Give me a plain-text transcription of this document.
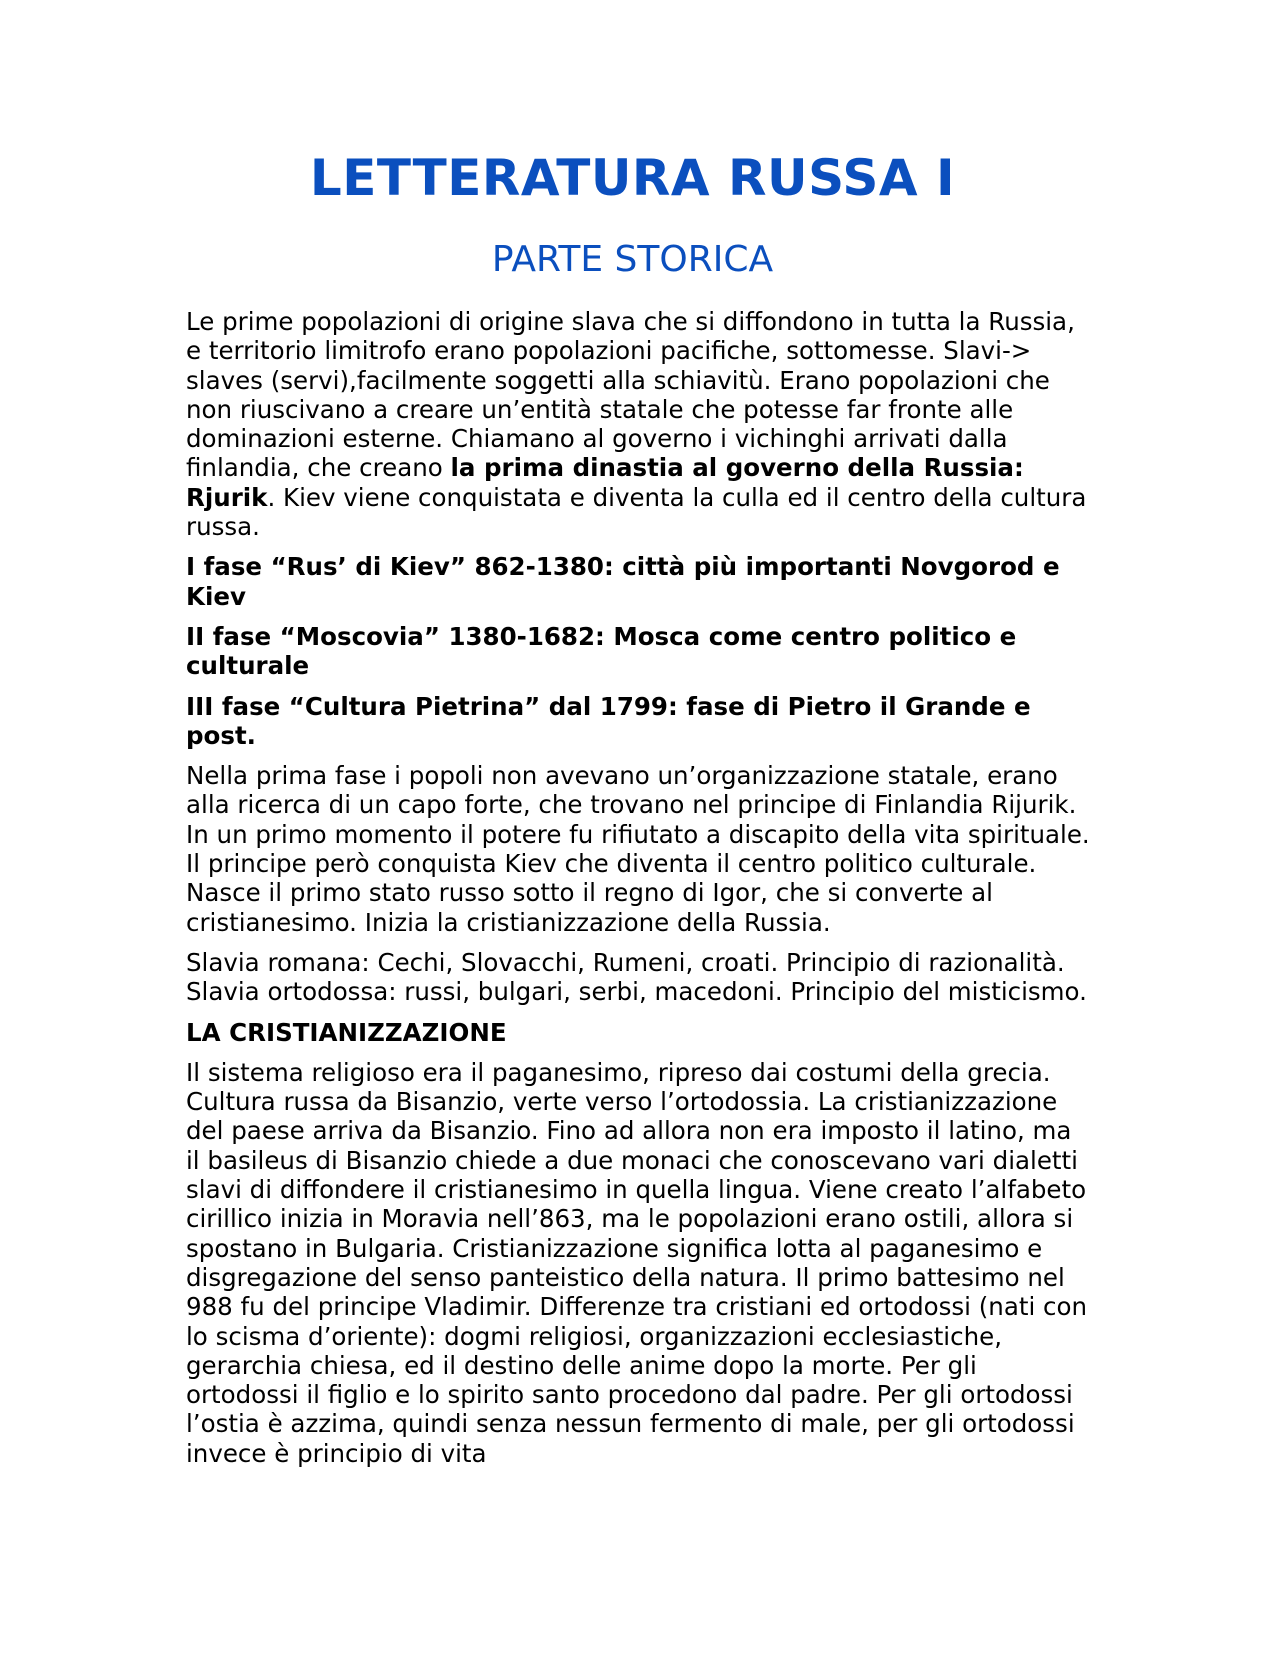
LETTERATURA RUSSA I
PARTE STORICA

Le prime popolazioni di origine slava che si diffondono in tutta la Russia, e territorio limitrofo erano popolazioni pacifiche, sottomesse. Slavi-> slaves (servi),facilmente soggetti alla schiavitù. Erano popolazioni che non riuscivano a creare un’entità statale che potesse far fronte alle dominazioni esterne. Chiamano al governo i vichinghi arrivati dalla finlandia, che creano la prima dinastia al governo della Russia: Rjurik. Kiev viene conquistata e diventa la culla ed il centro della cultura russa.

I fase “Rus’ di Kiev” 862-1380: città più importanti Novgorod e Kiev

II fase “Moscovia” 1380-1682: Mosca come centro politico e culturale

III fase “Cultura Pietrina” dal 1799: fase di Pietro il Grande e post.

Nella prima fase i popoli non avevano un’organizzazione statale, erano alla ricerca di un capo forte, che trovano nel principe di Finlandia Rijurik. In un primo momento il potere fu rifiutato a discapito della vita spirituale. Il principe però conquista Kiev che diventa il centro politico culturale. Nasce il primo stato russo sotto il regno di Igor, che si converte al cristianesimo. Inizia la cristianizzazione della Russia.

Slavia romana: Cechi, Slovacchi, Rumeni, croati. Principio di razionalità. Slavia ortodossa: russi, bulgari, serbi, macedoni. Principio del misticismo.

LA CRISTIANIZZAZIONE

Il sistema religioso era il paganesimo, ripreso dai costumi della grecia. Cultura russa da Bisanzio, verte verso l’ortodossia. La cristianizzazione del paese arriva da Bisanzio. Fino ad allora non era imposto il latino, ma il basileus di Bisanzio chiede a due monaci che conoscevano vari dialetti slavi di diffondere il cristianesimo in quella lingua. Viene creato l’alfabeto cirillico inizia in Moravia nell’863, ma le popolazioni erano ostili, allora si spostano in Bulgaria. Cristianizzazione significa lotta al paganesimo e disgregazione del senso panteistico della natura. Il primo battesimo nel 988 fu del principe Vladimir. Differenze tra cristiani ed ortodossi (nati con lo scisma d’oriente): dogmi religiosi, organizzazioni ecclesiastiche, gerarchia chiesa, ed il destino delle anime dopo la morte. Per gli ortodossi il figlio e lo spirito santo procedono dal padre. Per gli ortodossi l’ostia è azzima, quindi senza nessun fermento di male, per gli ortodossi invece è principio di vita
